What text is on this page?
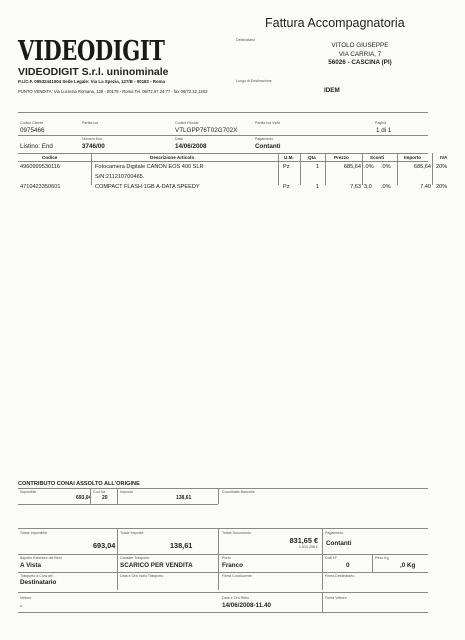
Fattura Accompagnatoria
VIDEODIGIT	Destinatario
VITOLO GIUSEPPE
VIA CARRIA, 7
56026 - CASCINA (PI)
VIDEODIGIT S.r.l. uninominale
P.I./C.F. 09532441004 Sede Legale: Via La Spezia, 127/B - 00182 - Roma
PUNTO VENDITA: Via Lucrezia Romana, 129 - 00178 - Roma Tel. 06/72.67.24.77 - fax 06/72.32.1203
Luogo di Destinazione
IDEM
Codice Cliente
0975466
Partita Iva	Codice Fiscale
VTLGPP76T02G702X
Partita Iva Vs/te	Pagina
1 di 1
Listino: End
Numero Doc.
3746/00
Data
14/06/2008
Pagamento
Contanti
Codice	Descrizione Articolo	U.M.	Qta	Prezzo	Sconti	Importo	IVA
4960999530116	Fotocamera Digitale CANON EOS 400 SLR	Pz	1	685,64 .0% .0%	685,64 20%
S/N:211210700465.
4710423350601	COMPACT FLASH 1GB A-DATA SPEEDY	Pz	1	7,63 3,0 .0%	7,40 20%
CONTRIBUTO CONAI ASSOLTO ALL'ORIGINE
Imponibile
693,04
Cod.Iva
20
Imposta
138,61
Coordinate Bancarie
Totale Imponibile
693,04
Totale Imposta
138,61
Totale Documento
831,65 €
1.610.298 £
Pagamento
Contanti
Aspetto Esteriore dei Beni
A Vista
Causale Trasporto
SCARICO PER VENDITA
Porto
Franco
Colli N°
0
Peso Kg
,0 Kg
Trasporto a Cura del
Destinatario
Data e Ora Inizio Trasporto	Firma Conducente	Firma Destinatario
Vettore
a
Data e Ora Ritiro
14/06/2008-11.40
Firma Vettore
